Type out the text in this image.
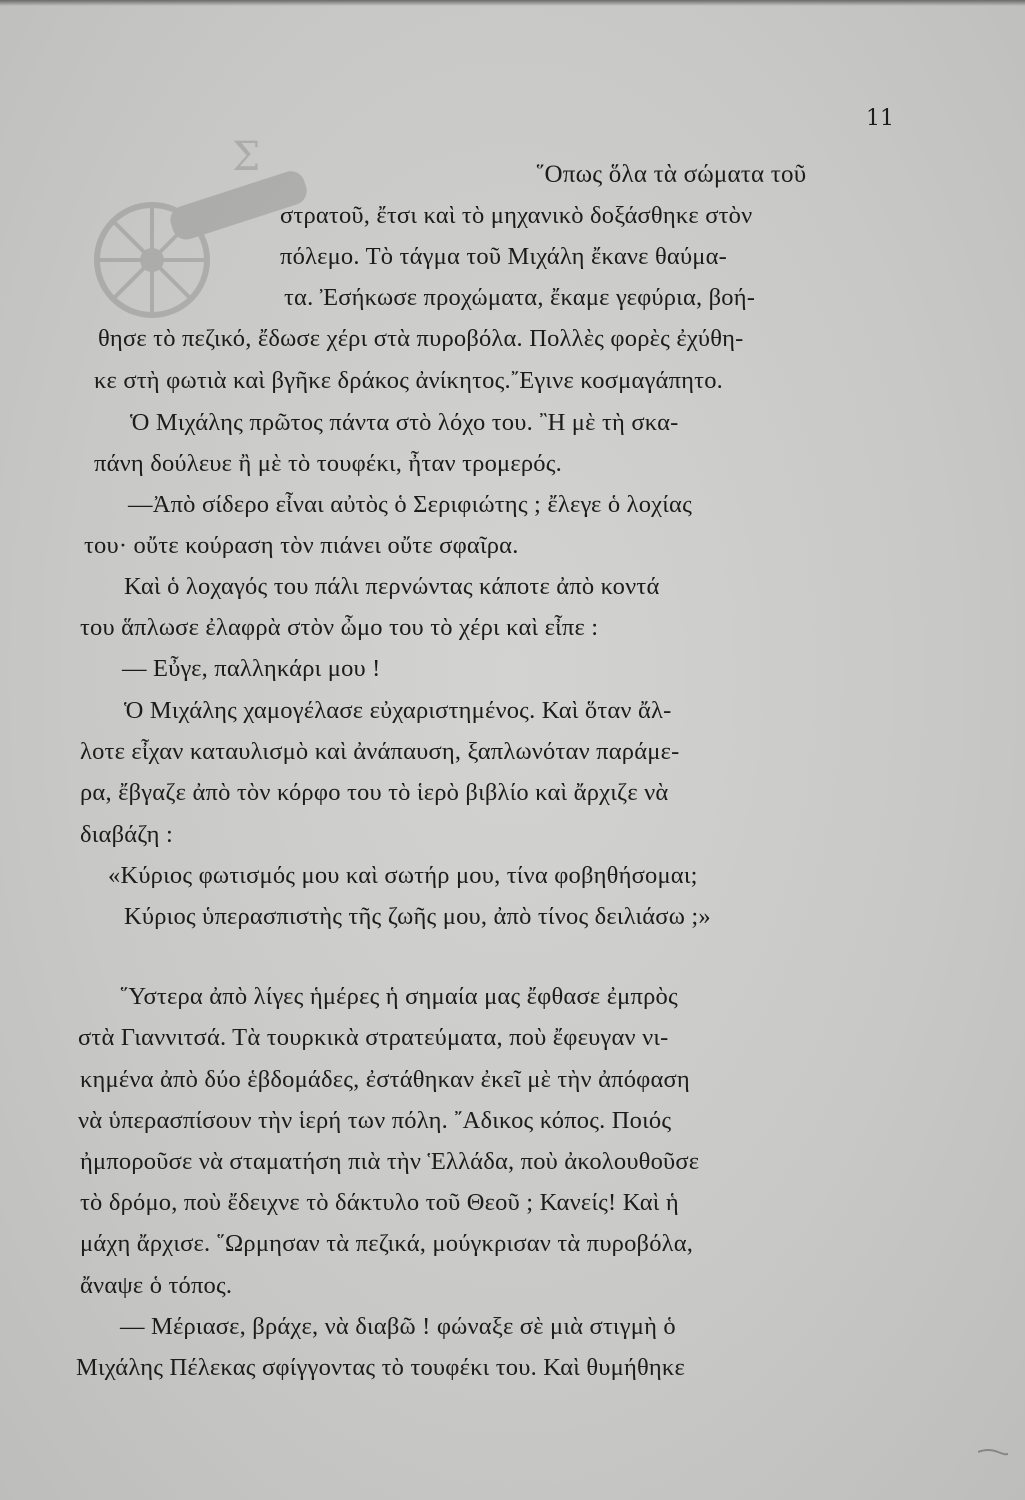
Σ
11
῞Οπως ὅλα τὰ σώματα τοῦ
στρατοῦ, ἔτσι καὶ τὸ μηχανικὸ δοξάσθηκε στὸν
πόλεμο. Τὸ τάγμα τοῦ Μιχάλη ἔκανε θαύμα-
τα. Ἐσήκωσε προχώματα, ἔκαμε γεφύρια, βοή-
θησε τὸ πεζικό, ἔδωσε χέρι στὰ πυροβόλα. Πολλὲς φορὲς ἐχύθη-
κε στὴ φωτιὰ καὶ βγῆκε δράκος ἀνίκητος.῎Εγινε κοσμαγάπητο.
Ὁ Μιχάλης πρῶτος πάντα στὸ λόχο του. ῍Η μὲ τὴ σκα-
πάνη δούλευε ἢ μὲ τὸ τουφέκι, ἦταν τρομερός.
—Ἀπὸ σίδερο εἶναι αὐτὸς ὁ Σεριφιώτης ; ἔλεγε ὁ λοχίας
του· οὔτε κούραση τὸν πιάνει οὔτε σφαῖρα.
Καὶ ὁ λοχαγός του πάλι περνώντας κάποτε ἀπὸ κοντά
του ἅπλωσε ἐλαφρὰ στὸν ὦμο του τὸ χέρι καὶ εἶπε :
— Εὖγε, παλληκάρι μου !
Ὁ Μιχάλης χαμογέλασε εὐχαριστημένος. Καὶ ὅταν ἄλ-
λοτε εἶχαν καταυλισμὸ καὶ ἀνάπαυση, ξαπλωνόταν παράμε-
ρα, ἔβγαζε ἀπὸ τὸν κόρφο του τὸ ἱερὸ βιβλίο καὶ ἄρχιζε νὰ
διαβάζη :
«Κύριος φωτισμός μου καὶ σωτήρ μου, τίνα φοβηθήσομαι;
Κύριος ὑπερασπιστὴς τῆς ζωῆς μου, ἀπὸ τίνος δειλιάσω ;»
῞Υστερα ἀπὸ λίγες ἡμέρες ἡ σημαία μας ἔφθασε ἐμπρὸς
στὰ Γιαννιτσά. Τὰ τουρκικὰ στρατεύματα, ποὺ ἔφευγαν νι-
κημένα ἀπὸ δύο ἑβδομάδες, ἐστάθηκαν ἐκεῖ μὲ τὴν ἀπόφαση
νὰ ὑπερασπίσουν τὴν ἱερή των πόλη. ῎Αδικος κόπος. Ποιός
ἠμποροῦσε νὰ σταματήση πιὰ τὴν Ἑλλάδα, ποὺ ἀκολουθοῦσε
τὸ δρόμο, ποὺ ἔδειχνε τὸ δάκτυλο τοῦ Θεοῦ ; Κανείς! Καὶ ἡ
μάχη ἄρχισε. ῞Ωρμησαν τὰ πεζικά, μούγκρισαν τὰ πυροβόλα,
ἄναψε ὁ τόπος.
— Μέριασε, βράχε, νὰ διαβῶ ! φώναξε σὲ μιὰ στιγμὴ ὁ
Μιχάλης Πέλεκας σφίγγοντας τὸ τουφέκι του. Καὶ θυμήθηκε
